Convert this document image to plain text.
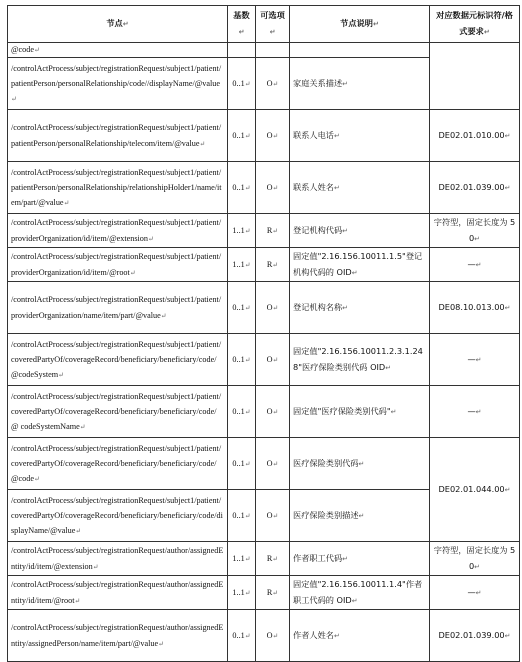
节点↵	基数↵	可选项↵	节点说明↵	对应数据元标识符/格式要求↵
@code↵				
/controlActProcess/subject/registrationRequest/subject1/patient/patientPerson/personalRelationship/code//displayName/@value↵	0..1↵	O↵	家庭关系描述↵	
/controlActProcess/subject/registrationRequest/subject1/patient/patientPerson/personalRelationship/telecom/item/@value↵	0..1↵	O↵	联系人电话↵	DE02.01.010.00↵
/controlActProcess/subject/registrationRequest/subject1/patient/patientPerson/personalRelationship/relationshipHolder1/name/item/part/@value↵	0..1↵	O↵	联系人姓名↵	DE02.01.039.00↵
/controlActProcess/subject/registrationRequest/subject1/patient/providerOrganization/id/item/@extension↵	1..1↵	R↵	登记机构代码↵	字符型，固定长度为 50↵
/controlActProcess/subject/registrationRequest/subject1/patient/providerOrganization/id/item/@root↵	1..1↵	R↵	固定值"2.16.156.10011.1.5"登记机构代码的 OID↵	—↵
/controlActProcess/subject/registrationRequest/subject1/patient/providerOrganization/name/item/part/@value↵	0..1↵	O↵	登记机构名称↵	DE08.10.013.00↵
/controlActProcess/subject/registrationRequest/subject1/patient/coveredPartyOf/coverageRecord/beneficiary/beneficiary/code/@codeSystem↵	0..1↵	O↵	固定值"2.16.156.10011.2.3.1.248"医疗保险类别代码 OID↵	—↵
/controlActProcess/subject/registrationRequest/subject1/patient/coveredPartyOf/coverageRecord/beneficiary/beneficiary/code/@ codeSystemName↵	0..1↵	O↵	固定值"医疗保险类别代码"↵	—↵
/controlActProcess/subject/registrationRequest/subject1/patient/coveredPartyOf/coverageRecord/beneficiary/beneficiary/code/@code↵	0..1↵	O↵	医疗保险类别代码↵	DE02.01.044.00↵
/controlActProcess/subject/registrationRequest/subject1/patient/coveredPartyOf/coverageRecord/beneficiary/beneficiary/code/displayName/@value↵	0..1↵	O↵	医疗保险类别描述↵	
/controlActProcess/subject/registrationRequest/author/assignedEntity/id/item/@extension↵	1..1↵	R↵	作者职工代码↵	字符型，固定长度为 50↵
/controlActProcess/subject/registrationRequest/author/assignedEntity/id/item/@root↵	1..1↵	R↵	固定值"2.16.156.10011.1.4"作者职工代码的 OID↵	—↵
/controlActProcess/subject/registrationRequest/author/assignedEntity/assignedPerson/name/item/part/@value↵	0..1↵	O↵	作者人姓名↵	DE02.01.039.00↵
